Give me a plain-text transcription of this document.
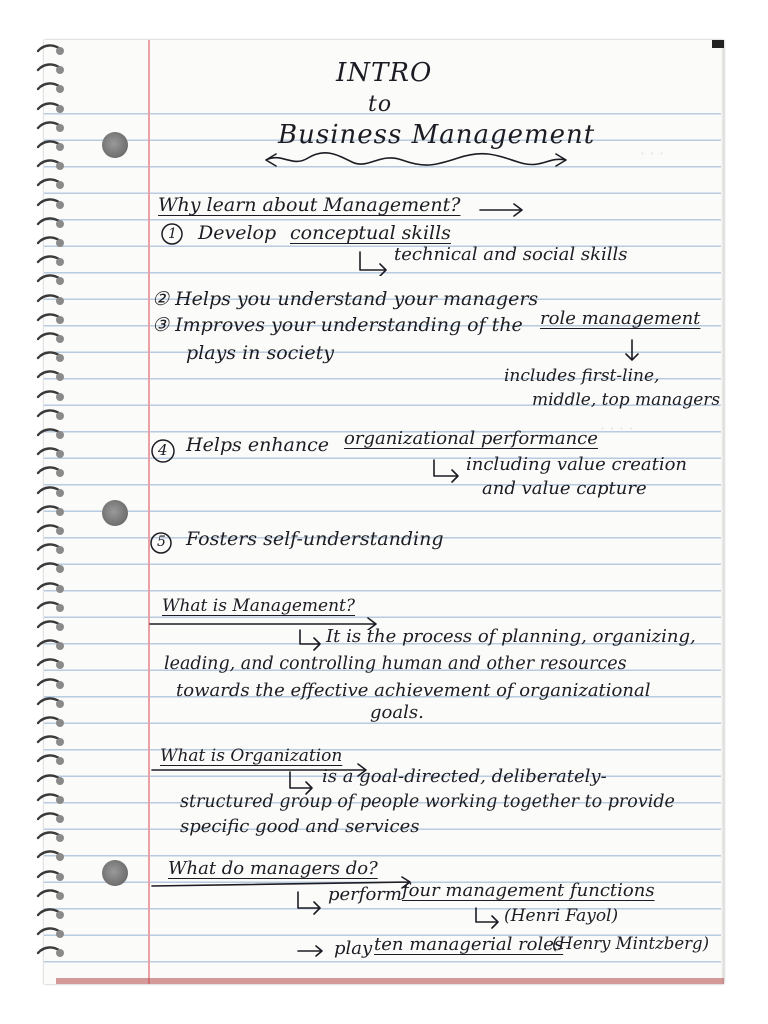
· · ·
· · · ·
INTRO
to
Business Management
Why learn about Management?
1 Develop conceptual skills
technical and social skills
② Helps you understand your managers
③ Improves your understanding of the role management
plays in society
includes first-line,
middle, top managers
4 Helps enhance organizational performance
including value creation
and value capture
5 Fosters self-understanding
What is Management?
It is the process of planning, organizing,
leading, and controlling human and other resources
towards the effective achievement of organizational
goals.
What is Organization
is a goal-directed, deliberately-
structured group of people working together to provide
specific good and services
What do managers do?
perform four management functions
(Henri Fayol)
play ten managerial roles
(Henry Mintzberg)
